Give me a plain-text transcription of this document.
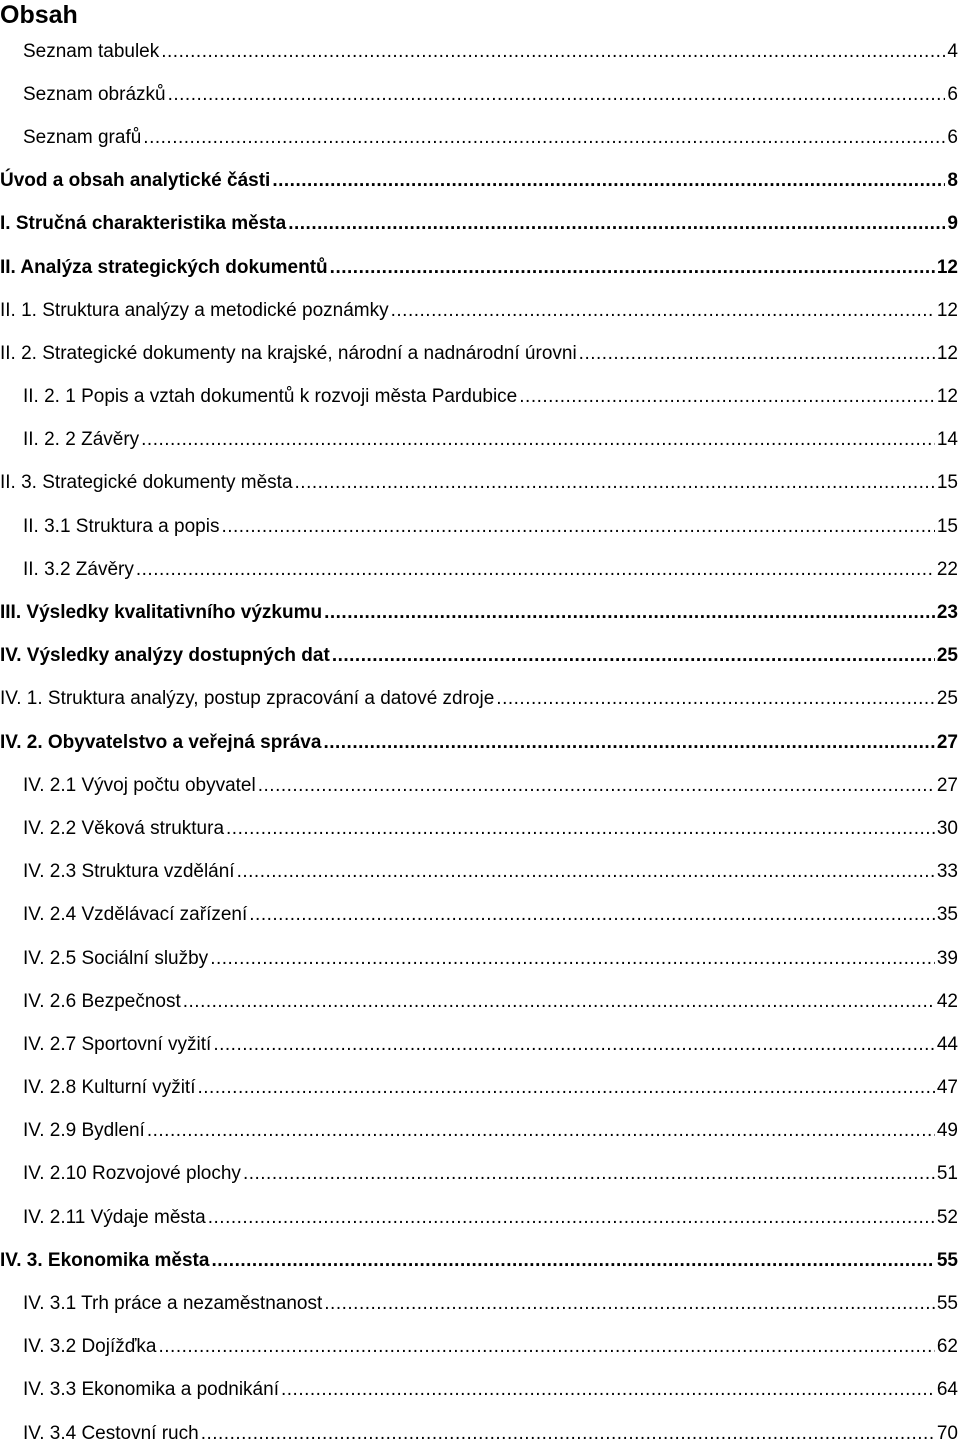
Obsah
Seznam tabulek .....	4
Seznam obrázků .....	6
Seznam grafů .....	6
Úvod a obsah analytické části .....	8
I. Stručná charakteristika města .....	9
II. Analýza strategických dokumentů .....	12
II. 1. Struktura analýzy a metodické poznámky .....	12
II. 2. Strategické dokumenty na krajské, národní a nadnárodní úrovni .....	12
II. 2. 1 Popis a vztah dokumentů k rozvoji města Pardubice .....	12
II. 2. 2 Závěry .....	14
II. 3. Strategické dokumenty města .....	15
II. 3.1 Struktura a popis .....	15
II. 3.2 Závěry .....	22
III. Výsledky kvalitativního výzkumu .....	23
IV. Výsledky analýzy dostupných dat .....	25
IV. 1. Struktura analýzy, postup zpracování a datové zdroje .....	25
IV. 2. Obyvatelstvo a veřejná správa .....	27
IV. 2.1 Vývoj počtu obyvatel .....	27
IV. 2.2 Věková struktura .....	30
IV. 2.3 Struktura vzdělání .....	33
IV. 2.4 Vzdělávací zařízení .....	35
IV. 2.5 Sociální služby .....	39
IV. 2.6 Bezpečnost .....	42
IV. 2.7 Sportovní vyžití .....	44
IV. 2.8 Kulturní vyžití .....	47
IV. 2.9 Bydlení .....	49
IV. 2.10 Rozvojové plochy .....	51
IV. 2.11 Výdaje města .....	52
IV. 3. Ekonomika města .....	55
IV. 3.1 Trh práce a nezaměstnanost .....	55
IV. 3.2 Dojížďka .....	62
IV. 3.3 Ekonomika a podnikání .....	64
IV. 3.4 Cestovní ruch .....	70
